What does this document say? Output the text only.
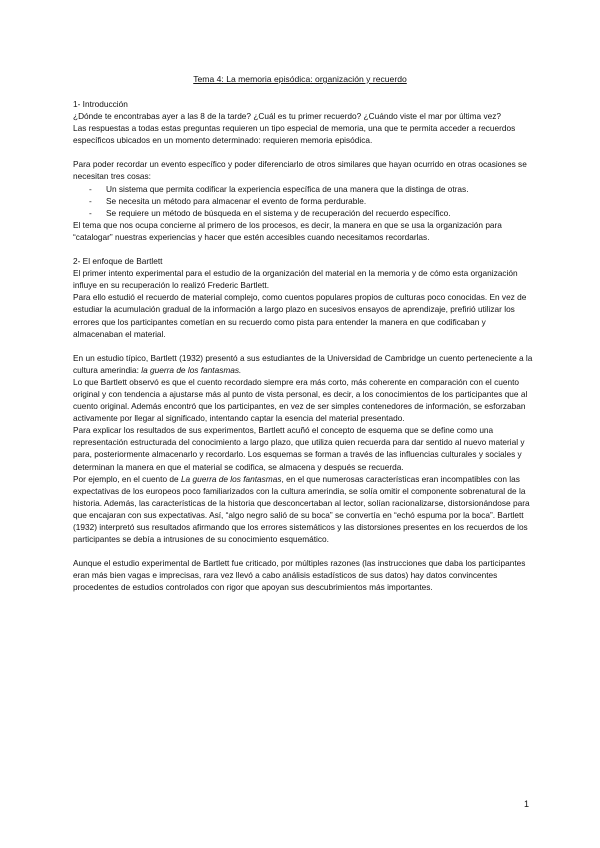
Tema 4: La memoria episódica: organización y recuerdo

1- Introducción

¿Dónde te encontrabas ayer a las 8 de la tarde? ¿Cuál es tu primer recuerdo? ¿Cuándo viste el mar por última vez?

Las respuestas a todas estas preguntas requieren un tipo especial de memoria, una que te permita acceder a recuerdos específicos ubicados en un momento determinado: requieren memoria episódica.

Para poder recordar un evento específico y poder diferenciarlo de otros similares que hayan ocurrido en otras ocasiones se necesitan tres cosas:

- Un sistema que permita codificar la experiencia específica de una manera que la distinga de otras.
- Se necesita un método para almacenar el evento de forma perdurable.
- Se requiere un método de búsqueda en el sistema y de recuperación del recuerdo específico.

El tema que nos ocupa concierne al primero de los procesos, es decir, la manera en que se usa la organización para “catalogar” nuestras experiencias y hacer que estén accesibles cuando necesitamos recordarlas.

2- El enfoque de Bartlett

El primer intento experimental para el estudio de la organización del material en la memoria y de cómo esta organización influye en su recuperación lo realizó Frederic Bartlett.

Para ello estudió el recuerdo de material complejo, como cuentos populares propios de culturas poco conocidas. En vez de estudiar la acumulación gradual de la información a largo plazo en sucesivos ensayos de aprendizaje, prefirió utilizar los errores que los participantes cometían en su recuerdo como pista para entender la manera en que codificaban y almacenaban el material.

En un estudio típico, Bartlett (1932) presentó a sus estudiantes de la Universidad de Cambridge un cuento perteneciente a la cultura amerindia: la guerra de los fantasmas.

Lo que Bartlett observó es que el cuento recordado siempre era más corto, más coherente en comparación con el cuento original y con tendencia a ajustarse más al punto de vista personal, es decir, a los conocimientos de los participantes que al cuento original. Además encontró que los participantes, en vez de ser simples contenedores de información, se esforzaban activamente por llegar al significado, intentando captar la esencia del material presentado.

Para explicar los resultados de sus experimentos, Bartlett acuñó el concepto de esquema que se define como una representación estructurada del conocimiento a largo plazo, que utiliza quien recuerda para dar sentido al nuevo material y para, posteriormente almacenarlo y recordarlo. Los esquemas se forman a través de las influencias culturales y sociales y determinan la manera en que el material se codifica, se almacena y después se recuerda.

Por ejemplo, en el cuento de La guerra de los fantasmas, en el que numerosas características eran incompatibles con las expectativas de los europeos poco familiarizados con la cultura amerindia, se solía omitir el componente sobrenatural de la historia. Además, las características de la historia que desconcertaban al lector, solían racionalizarse, distorsionándose para que encajaran con sus expectativas. Así, “algo negro salió de su boca” se convertía en “echó espuma por la boca”. Bartlett (1932) interpretó sus resultados afirmando que los errores sistemáticos y las distorsiones presentes en los recuerdos de los participantes se debía a intrusiones de su conocimiento esquemático.

Aunque el estudio experimental de Bartlett fue criticado, por múltiples razones (las instrucciones que daba los participantes eran más bien vagas e imprecisas, rara vez llevó a cabo análisis estadísticos de sus datos) hay datos convincentes procedentes de estudios controlados con rigor que apoyan sus descubrimientos más importantes.

1
